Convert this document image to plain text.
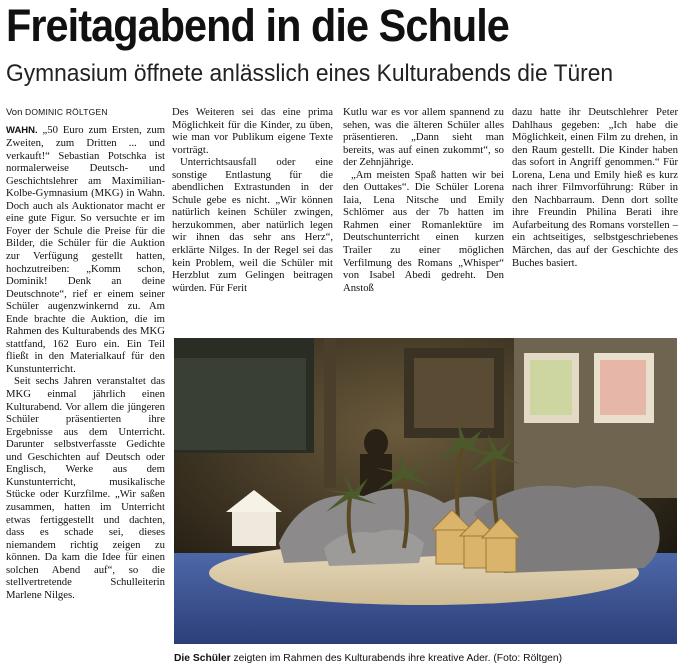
Freitagabend in die Schule
Gymnasium öffnete anlässlich eines Kulturabends die Türen
Von DOMINIC RÖLTGEN

WAHN. „50 Euro zum Ersten, zum Zweiten, zum Dritten ... und verkauft!“ Sebastian Potschka ist normalerweise Deutsch- und Geschichtslehrer am Maximilian-Kolbe-Gymnasium (MKG) in Wahn. Doch auch als Auktionator macht er eine gute Figur. So versuchte er im Foyer der Schule die Preise für die Bilder, die Schüler für die Auktion zur Verfügung gestellt hatten, hochzutreiben: „Komm schon, Dominik! Denk an deine Deutschnote“, rief er einem seiner Schüler augenzwinkernd zu. Am Ende brachte die Auktion, die im Rahmen des Kulturabends des MKG stattfand, 162 Euro ein. Ein Teil fließt in den Materialkauf für den Kunstunterricht.

Seit sechs Jahren veranstaltet das MKG einmal jährlich einen Kulturabend. Vor allem die jüngeren Schüler präsentierten ihre Ergebnisse aus dem Unterricht. Darunter selbstverfasste Gedichte und Geschichten auf Deutsch oder Englisch, Werke aus dem Kunstunterricht, musikalische Stücke oder Kurzfilme. „Wir saßen zusammen, hatten im Unterricht etwas fertiggestellt und dachten, dass es schade sei, dieses niemandem richtig zeigen zu können. Da kam die Idee für einen solchen Abend auf“, so die stellvertretende Schulleiterin Marlene Nilges.

Des Weiteren sei das eine prima Möglichkeit für die Kinder, zu üben, wie man vor Publikum eigene Texte vorträgt.

Unterrichtsausfall oder eine sonstige Entlastung für die abendlichen Extrastunden in der Schule gebe es nicht. „Wir können natürlich keinen Schüler zwingen, herzukommen, aber natürlich legen wir ihnen das sehr ans Herz“, erklärte Nilges. In der Regel sei das kein Problem, weil die Schüler mit Herzblut zum Gelingen beitragen würden. Für Ferit

Kutlu war es vor allem spannend zu sehen, was die älteren Schüler alles präsentieren. „Dann sieht man bereits, was auf einen zukommt“, so der Zehnjährige.

„Am meisten Spaß hatten wir bei den Outtakes“. Die Schüler Lorena Iaia, Lena Nitsche und Emily Schlömer aus der 7b hatten im Rahmen einer Romanlektüre im Deutschunterricht einen kurzen Trailer zu einer möglichen Verfilmung des Romans „Whisper“ von Isabel Abedi gedreht. Den Anstoß

dazu hatte ihr Deutschlehrer Peter Dahlhaus gegeben: „Ich habe die Möglichkeit, einen Film zu drehen, in den Raum gestellt. Die Kinder haben das sofort in Angriff genommen.“ Für Lorena, Lena und Emily hieß es kurz nach ihrer Filmvorführung: Rüber in den Nachbarraum. Denn dort sollte ihre Freundin Philina Berati ihre Aufarbeitung des Romans vorstellen – ein achtseitiges, selbstgeschriebenes Märchen, das auf der Geschichte des Buches basiert.

Die Schüler zeigten im Rahmen des Kulturabends ihre kreative Ader. (Foto: Röltgen)
